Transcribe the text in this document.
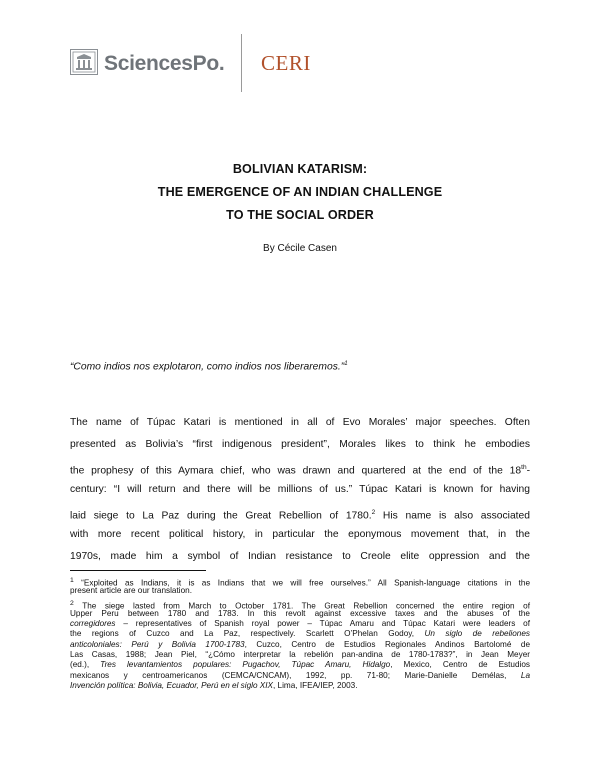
SciencesPo. CERI
BOLIVIAN KATARISM:
THE EMERGENCE OF AN INDIAN CHALLENGE
TO THE SOCIAL ORDER
By Cécile Casen
“Como indios nos explotaron, como indios nos liberaremos.”$^1$
The name of Túpac Katari is mentioned in all of Evo Morales’ major speeches. Often
presented as Bolivia’s “first indigenous president”, Morales likes to think he embodies
the prophesy of this Aymara chief, who was drawn and quartered at the end of the 18th-
century: “I will return and there will be millions of us.” Túpac Katari is known for having
laid siege to La Paz during the Great Rebellion of 1780.$^2$ His name is also associated
with more recent political history, in particular the eponymous movement that, in the
1970s, made him a symbol of Indian resistance to Creole elite oppression and the
$^1$ “Exploited as Indians, it is as Indians that we will free ourselves.” All Spanish-language citations in the
present article are our translation.
$^2$ The siege lasted from March to October 1781. The Great Rebellion concerned the entire region of
Upper Peru between 1780 and 1783. In this revolt against excessive taxes and the abuses of the
corregidores – representatives of Spanish royal power – Túpac Amaru and Túpac Katari were leaders of
the regions of Cuzco and La Paz, respectively. Scarlett O’Phelan Godoy, Un siglo de rebeliones
anticoloniales: Perú y Bolivia 1700-1783, Cuzco, Centro de Estudios Regionales Andinos Bartolomé de
Las Casas, 1988; Jean Piel, “¿Cómo interpretar la rebelión pan-andina de 1780-1783?”, in Jean Meyer
(ed.), Tres levantamientos populares: Pugachov, Túpac Amaru, Hidalgo, Mexico, Centro de Estudios
mexicanos y centroamericanos (CEMCA/CNCAM), 1992, pp. 71-80; Marie-Danielle Demélas, La
Invención política: Bolivia, Ecuador, Perú en el siglo XIX, Lima, IFEA/IEP, 2003.
